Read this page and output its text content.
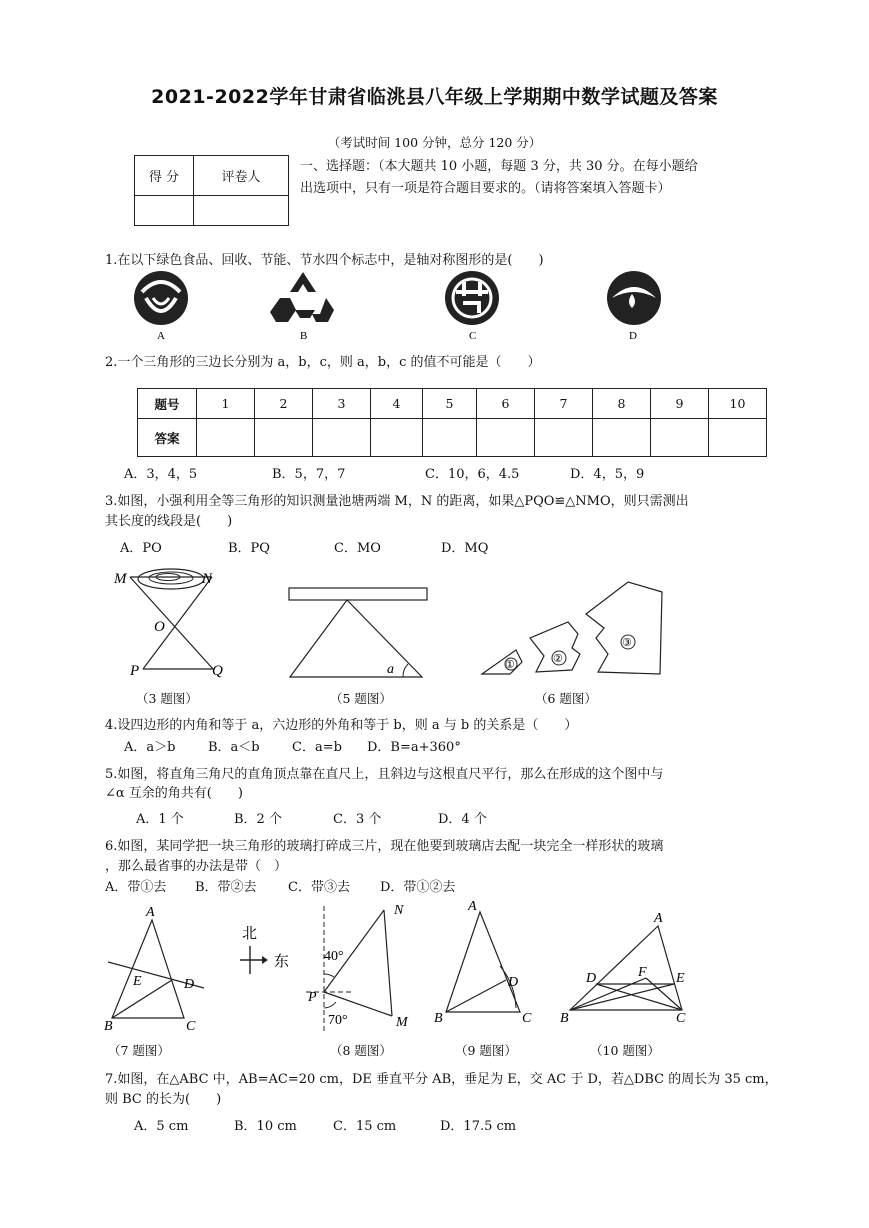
2021-2022学年甘肃省临洮县八年级上学期期中数学试题及答案
（考试时间 100 分钟，总分 120 分）
得 分	评卷人

一、选择题：（本大题共 10 小题，每题 3 分，共 30 分。在每小题给
出选项中，只有一项是符合题目要求的。（请将答案填入答题卡）
1.在以下绿色食品、回收、节能、节水四个标志中，是轴对称图形的是(　　)
A	B	C	D
2.一个三角形的三边长分别为 a，b，c，则 a，b，c 的值不可能是（　　）
题号	1	2	3	4	5	6	7	8	9	10
答案										
A．3，4，5	B．5，7，7	C．10，6，4.5	D．4，5，9
3.如图，小强利用全等三角形的知识测量池塘两端 M，N 的距离，如果△PQO≌△NMO，则只需测出
其长度的线段是(　　)
A．PO	B．PQ	C．MO	D．MQ
M	N
O
P	Q
（3 题图）
a
（5 题图）
①	②
③
（6 题图）
4.设四边形的内角和等于 a，六边形的外角和等于 b，则 a 与 b 的关系是（　　）
A．a＞b	B．a＜b C．a=b D．B=a+360°
5.如图，将直角三角尺的直角顶点靠在直尺上，且斜边与这根直尺平行，那么在形成的这个图中与
∠α 互余的角共有(　　)
A．1 个	B．2 个	C．3 个	D．4 个
6.如图，某同学把一块三角形的玻璃打碎成三片，现在他要到玻璃店去配一块完全一样形状的玻璃
，那么最省事的办法是带（　）
A．带①去 B．带②去 C．带③去 D．带①②去
A
E	D
B	C
（7 题图）
北
东
N
40°
P
70°	M
（8 题图）
A
D
B	C
（9 题图）
A
D	F E
B	C
（10 题图）
7.如图，在△ABC 中，AB=AC=20 cm，DE 垂直平分 AB，垂足为 E，交 AC 于 D，若△DBC 的周长为 35 cm，
则 BC 的长为(　　)
A．5 cm	B．10 cm	C．15 cm	D．17.5 cm
